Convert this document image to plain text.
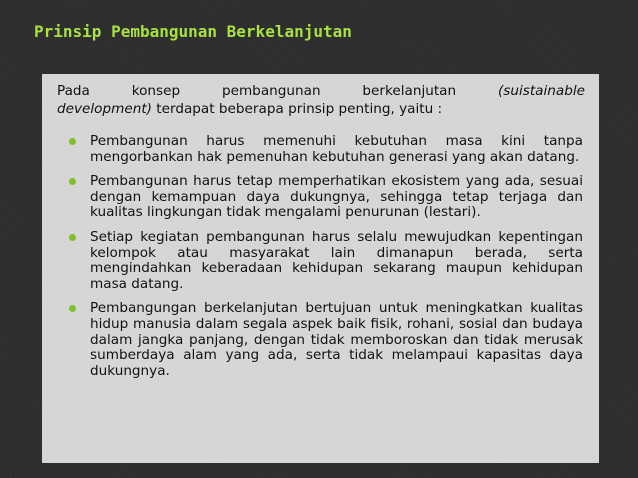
Prinsip Pembangunan Berkelanjutan

Pada konsep pembangunan berkelanjutan (suistainable
development) terdapat beberapa prinsip penting, yaitu :

Pembangunan harus memenuhi kebutuhan masa kini tanpa mengorbankan hak pemenuhan kebutuhan generasi yang akan datang.
Pembangunan harus tetap memperhatikan ekosistem yang ada, sesuai dengan kemampuan daya dukungnya, sehingga tetap terjaga dan kualitas lingkungan tidak mengalami penurunan (lestari).
Setiap kegiatan pembangunan harus selalu mewujudkan kepentingan kelompok atau masyarakat lain dimanapun berada, serta mengindahkan keberadaan kehidupan sekarang maupun kehidupan masa datang.
Pembangungan berkelanjutan bertujuan untuk meningkatkan kualitas hidup manusia dalam segala aspek baik fisik, rohani, sosial dan budaya dalam jangka panjang, dengan tidak memboroskan dan tidak merusak sumberdaya alam yang ada, serta tidak melampaui kapasitas daya dukungnya.
